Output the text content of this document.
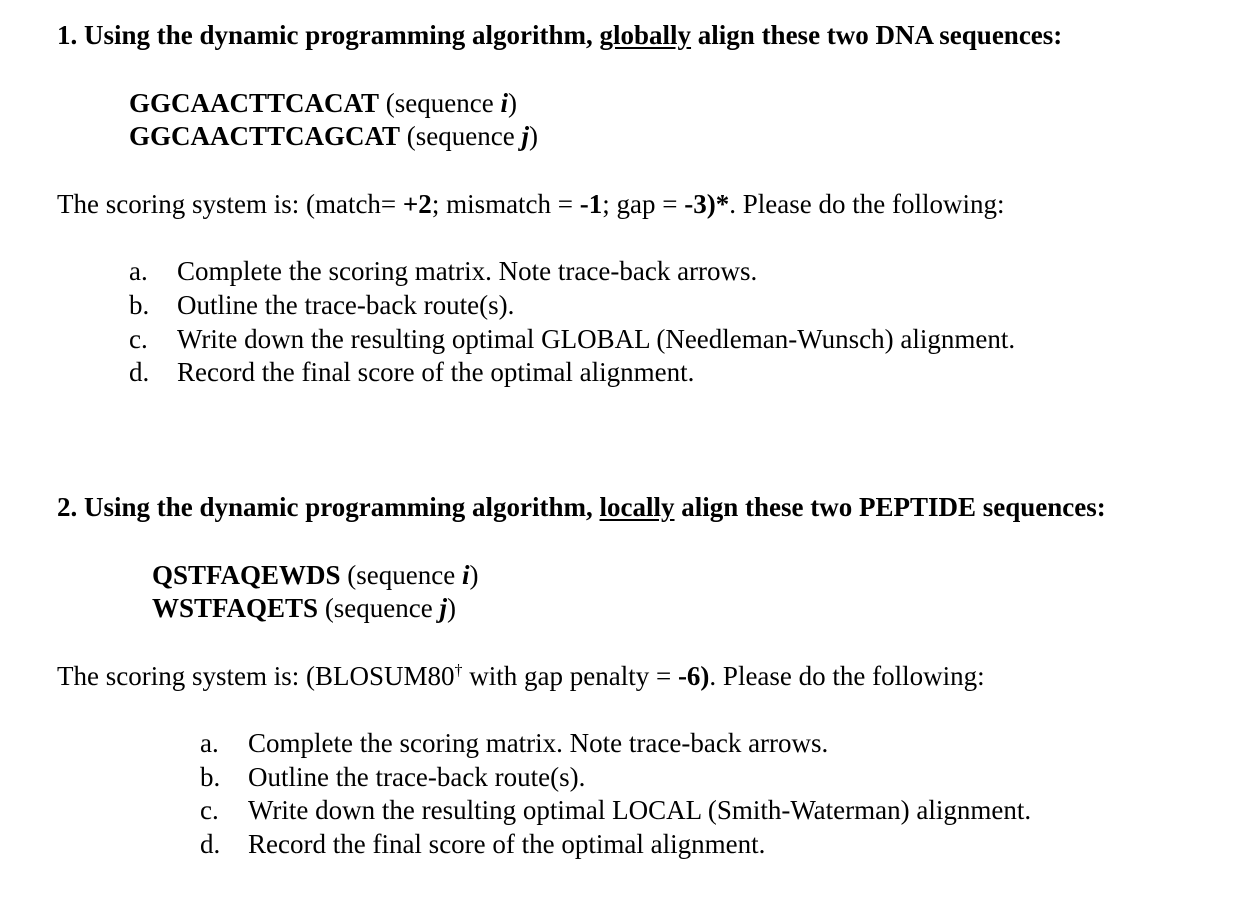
1. Using the dynamic programming algorithm, globally align these two DNA sequences:
GGCAACTTCACAT (sequence i)
GGCAACTTCAGCAT (sequence j)
The scoring system is: (match= +2; mismatch = -1; gap = -3)*. Please do the following:
a. Complete the scoring matrix. Note trace-back arrows.
b. Outline the trace-back route(s).
c. Write down the resulting optimal GLOBAL (Needleman-Wunsch) alignment.
d. Record the final score of the optimal alignment.
2. Using the dynamic programming algorithm, locally align these two PEPTIDE sequences:
QSTFAQEWDS (sequence i)
WSTFAQETS (sequence j)
The scoring system is: (BLOSUM80† with gap penalty = -6). Please do the following:
a. Complete the scoring matrix. Note trace-back arrows.
b. Outline the trace-back route(s).
c. Write down the resulting optimal LOCAL (Smith-Waterman) alignment.
d. Record the final score of the optimal alignment.
